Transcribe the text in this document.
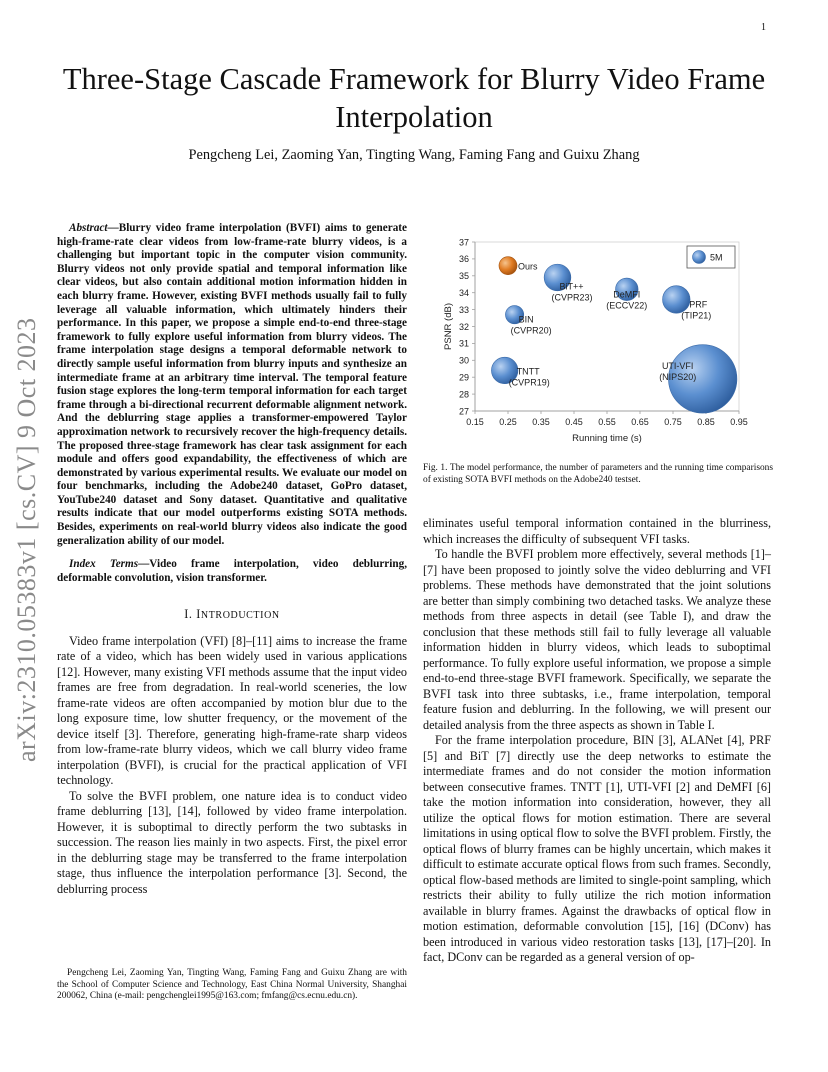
1
arXiv:2310.05383v1 [cs.CV] 9 Oct 2023
Three-Stage Cascade Framework for Blurry Video Frame Interpolation
Pengcheng Lei, Zaoming Yan, Tingting Wang, Faming Fang and Guixu Zhang

Abstract—Blurry video frame interpolation (BVFI) aims to generate high-frame-rate clear videos from low-frame-rate blurry videos, is a challenging but important topic in the computer vision community. Blurry videos not only provide spatial and temporal information like clear videos, but also contain additional motion information hidden in each blurry frame. However, existing BVFI methods usually fail to fully leverage all valuable information, which ultimately hinders their performance. In this paper, we propose a simple end-to-end three-stage framework to fully explore useful information from blurry videos. The frame interpolation stage designs a temporal deformable network to directly sample useful information from blurry inputs and synthesize an intermediate frame at an arbitrary time interval. The temporal feature fusion stage explores the long-term temporal information for each target frame through a bi-directional recurrent deformable alignment network. And the deblurring stage applies a transformer-empowered Taylor approximation network to recursively recover the high-frequency details. The proposed three-stage framework has clear task assignment for each module and offers good expandability, the effectiveness of which are demonstrated by various experimental results. We evaluate our model on four benchmarks, including the Adobe240 dataset, GoPro dataset, YouTube240 dataset and Sony dataset. Quantitative and qualitative results indicate that our model outperforms existing SOTA methods. Besides, experiments on real-world blurry videos also indicate the good generalization ability of our model.

Index Terms—Video frame interpolation, video deblurring, deformable convolution, vision transformer.

I. INTRODUCTION

Video frame interpolation (VFI) [8]–[11] aims to increase the frame rate of a video, which has been widely used in various applications [12]. However, many existing VFI methods assume that the input video frames are free from degradation. In real-world sceneries, the low frame-rate videos are often accompanied by motion blur due to the long exposure time, low shutter frequency, or the movement of the device itself [3]. Therefore, generating high-frame-rate sharp videos from low-frame-rate blurry videos, which we call blurry video frame interpolation (BVFI), is crucial for the practical application of VFI technology.

To solve the BVFI problem, one nature idea is to conduct video frame deblurring [13], [14], followed by video frame interpolation. However, it is suboptimal to directly perform the two subtasks in succession. The reason lies mainly in two aspects. First, the pixel error in the deblurring stage may be transferred to the frame interpolation stage, thus influence the interpolation performance [3]. Second, the deblurring process

Pengcheng Lei, Zaoming Yan, Tingting Wang, Faming Fang and Guixu Zhang are with the School of Computer Science and Technology, East China Normal University, Shanghai 200062, China (e-mail: pengchenglei1995@163.com; fmfang@cs.ecnu.edu.cn).
27
28
29
30
31
32
33
34
35
36
37
0.15 0.25 0.35 0.45 0.55 0.65 0.75 0.85 0.95
Running time (s)
PSNR (dB)
Ours
BiT++
(CVPR23) DeMFI
(ECCV22)	PRF
(TIP21)
BIN
(CVPR20)
TNTT
(CVPR19)
UTI-VFI
(NIPS20)
5M
Fig. 1. The model performance, the number of parameters and the running time comparisons of existing SOTA BVFI methods on the Adobe240 testset.

eliminates useful temporal information contained in the blurriness, which increases the difficulty of subsequent VFI tasks.

To handle the BVFI problem more effectively, several methods [1]–[7] have been proposed to jointly solve the video deblurring and VFI problems. These methods have demonstrated that the joint solutions are better than simply combining two detached tasks. We analyze these methods from three aspects in detail (see Table I), and draw the conclusion that these methods still fail to fully leverage all valuable information hidden in blurry videos, which leads to suboptimal performance. To fully explore useful information, we propose a simple end-to-end three-stage BVFI framework. Specifically, we separate the BVFI task into three subtasks, i.e., frame interpolation, temporal feature fusion and deblurring. In the following, we will present our detailed analysis from the three aspects as shown in Table I.

For the frame interpolation procedure, BIN [3], ALANet [4], PRF [5] and BiT [7] directly use the deep networks to estimate the intermediate frames and do not consider the motion information between consecutive frames. TNTT [1], UTI-VFI [2] and DeMFI [6] take the motion information into consideration, however, they all utilize the optical flows for motion estimation. There are several limitations in using optical flow to solve the BVFI problem. Firstly, the optical flows of blurry frames can be highly uncertain, which makes it difficult to estimate accurate optical flows from such frames. Secondly, optical flow-based methods are limited to single-point sampling, which restricts their ability to fully utilize the rich motion information available in blurry frames. Against the drawbacks of optical flow in motion estimation, deformable convolution [15], [16] (DConv) has been introduced in various video restoration tasks [13], [17]–[20]. In fact, DConv can be regarded as a general version of op-
